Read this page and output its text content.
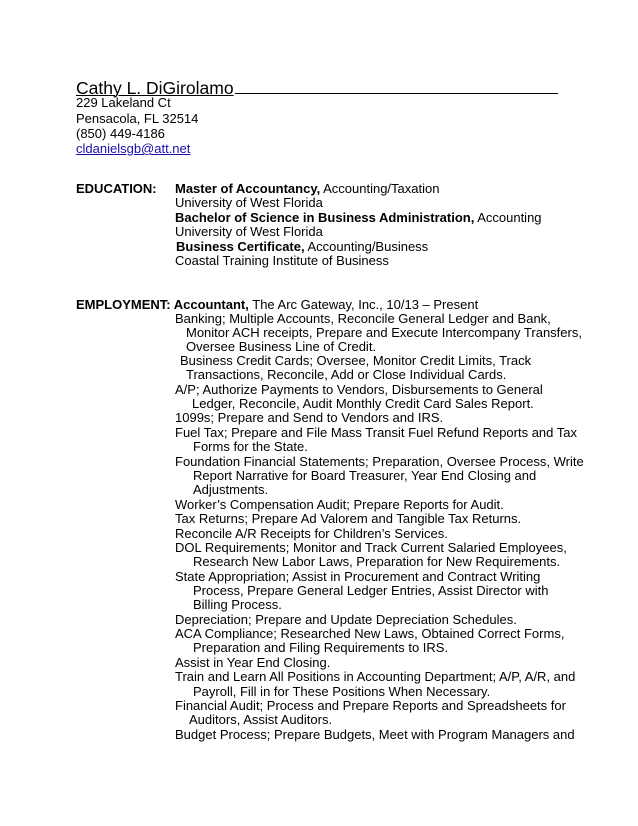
Cathy L. DiGirolamo
229 Lakeland Ct
Pensacola, FL 32514
(850) 449-4186
cldanielsgb@att.net
EDUCATION: Master of Accountancy, Accounting/Taxation
University of West Florida
Bachelor of Science in Business Administration, Accounting
University of West Florida
Business Certificate, Accounting/Business
Coastal Training Institute of Business
EMPLOYMENT: Accountant, The Arc Gateway, Inc., 10/13 – Present
Banking; Multiple Accounts, Reconcile General Ledger and Bank,
Monitor ACH receipts, Prepare and Execute Intercompany Transfers,
Oversee Business Line of Credit.
Business Credit Cards; Oversee, Monitor Credit Limits, Track
Transactions, Reconcile, Add or Close Individual Cards.
A/P; Authorize Payments to Vendors, Disbursements to General
Ledger, Reconcile, Audit Monthly Credit Card Sales Report.
1099s; Prepare and Send to Vendors and IRS.
Fuel Tax; Prepare and File Mass Transit Fuel Refund Reports and Tax
Forms for the State.
Foundation Financial Statements; Preparation, Oversee Process, Write
Report Narrative for Board Treasurer, Year End Closing and
Adjustments.
Worker’s Compensation Audit; Prepare Reports for Audit.
Tax Returns; Prepare Ad Valorem and Tangible Tax Returns.
Reconcile A/R Receipts for Children’s Services.
DOL Requirements; Monitor and Track Current Salaried Employees,
Research New Labor Laws, Preparation for New Requirements.
State Appropriation; Assist in Procurement and Contract Writing
Process, Prepare General Ledger Entries, Assist Director with
Billing Process.
Depreciation; Prepare and Update Depreciation Schedules.
ACA Compliance; Researched New Laws, Obtained Correct Forms,
Preparation and Filing Requirements to IRS.
Assist in Year End Closing.
Train and Learn All Positions in Accounting Department; A/P, A/R, and
Payroll, Fill in for These Positions When Necessary.
Financial Audit; Process and Prepare Reports and Spreadsheets for
Auditors, Assist Auditors.
Budget Process; Prepare Budgets, Meet with Program Managers and
